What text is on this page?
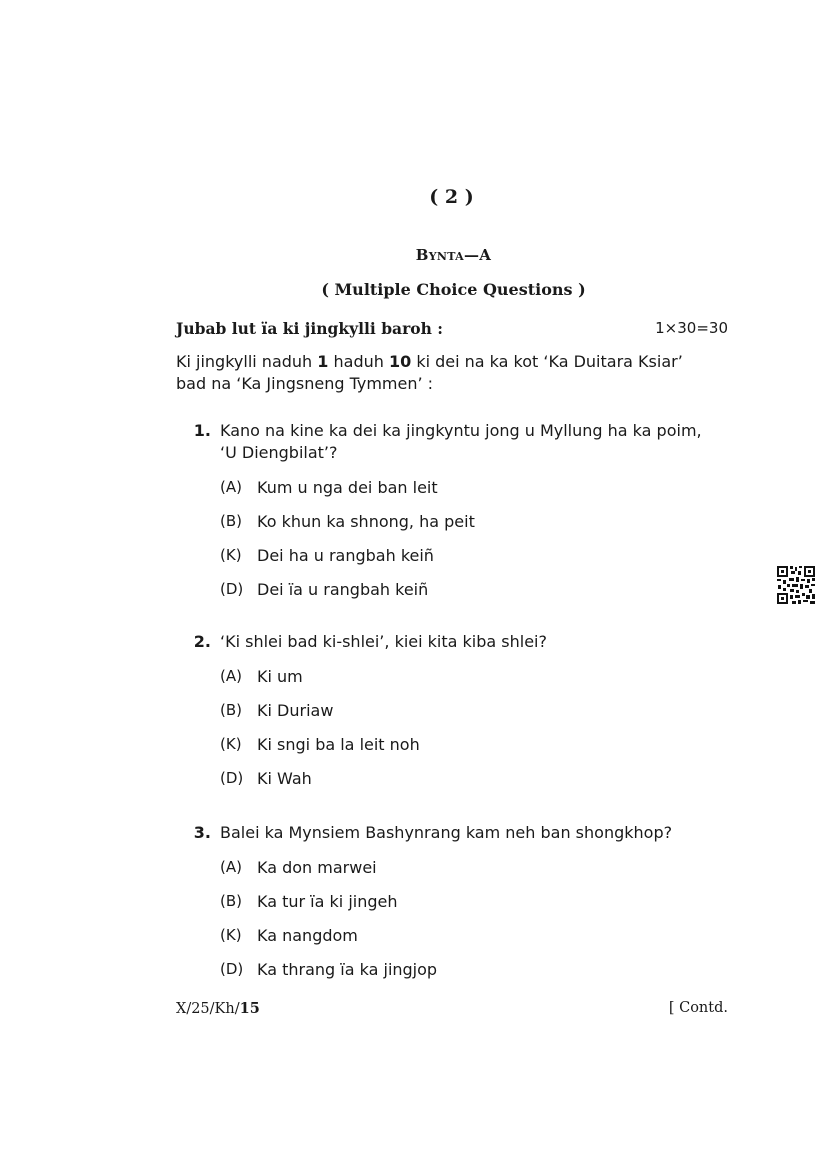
( 2 )
Bynta—A
( Multiple Choice Questions )
Jubab lut ïa ki jingkylli baroh :	1×30=30
Ki jingkylli naduh 1 haduh 10 ki dei na ka kot ‘Ka Duitara Ksiar’ bad na ‘Ka Jingsneng Tymmen’ :
1. Kano na kine ka dei ka jingkyntu jong u Myllung ha ka poim, ‘U Diengbilat’?
(A) Kum u nga dei ban leit
(B) Ko khun ka shnong, ha peit
(K) Dei ha u rangbah keiñ
(D) Dei ïa u rangbah keiñ
2. ‘Ki shlei bad ki-shlei’, kiei kita kiba shlei?
(A) Ki um
(B) Ki Duriaw
(K) Ki sngi ba la leit noh
(D) Ki Wah
3. Balei ka Mynsiem Bashynrang kam neh ban shongkhop?
(A) Ka don marwei
(B) Ka tur ïa ki jingeh
(K) Ka nangdom
(D) Ka thrang ïa ka jingjop
X/25/Kh/15	[ Contd.
